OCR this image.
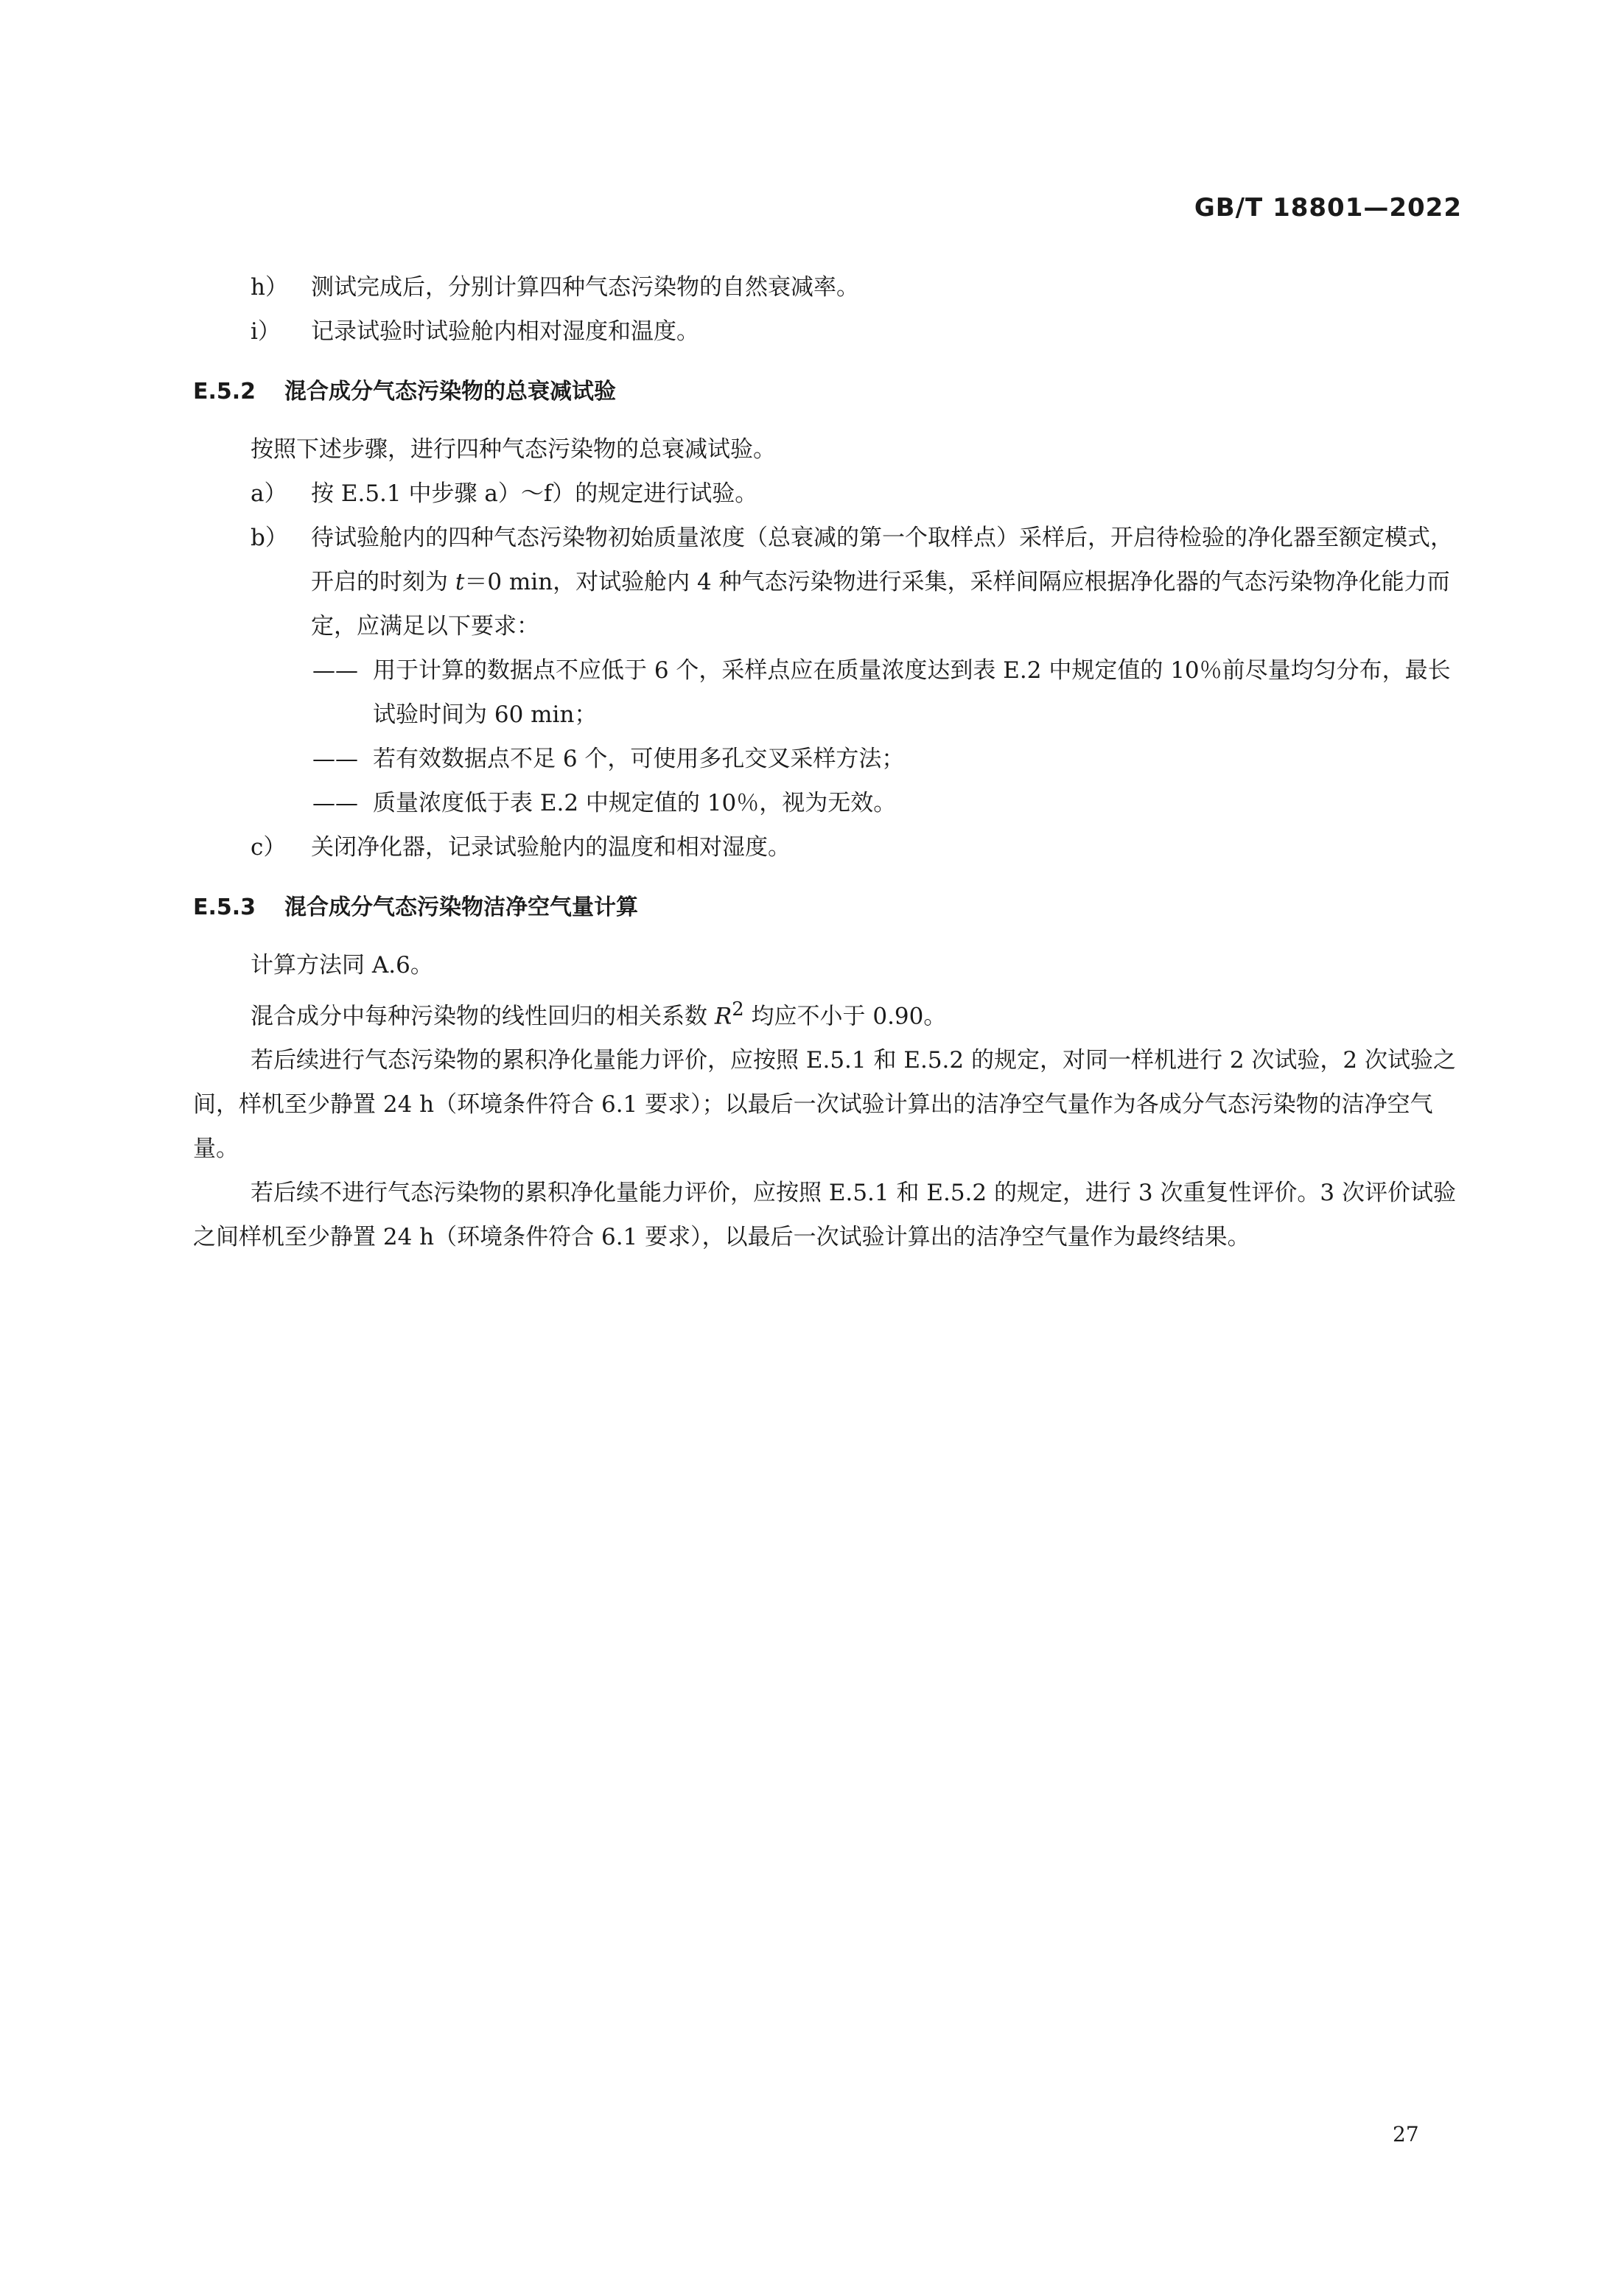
GB/T 18801—2022
h）	测试完成后，分别计算四种气态污染物的自然衰减率。
i）	记录试验时试验舱内相对湿度和温度。
E.5.2	混合成分气态污染物的总衰减试验
按照下述步骤，进行四种气态污染物的总衰减试验。
a）	按 E.5.1 中步骤 a）～f）的规定进行试验。
b）	待试验舱内的四种气态污染物初始质量浓度（总衰减的第一个取样点）采样后，开启待检验的净化器至额定模式，开启的时刻为 t＝0 min，对试验舱内 4 种气态污染物进行采集，采样间隔应根据净化器的气态污染物净化能力而定，应满足以下要求：
—— 用于计算的数据点不应低于 6 个，采样点应在质量浓度达到表 E.2 中规定值的 10％前尽量均匀分布，最长试验时间为 60 min；
—— 若有效数据点不足 6 个，可使用多孔交叉采样方法；
—— 质量浓度低于表 E.2 中规定值的 10％，视为无效。
c）	关闭净化器，记录试验舱内的温度和相对湿度。
E.5.3	混合成分气态污染物洁净空气量计算
计算方法同 A.6。
混合成分中每种污染物的线性回归的相关系数 $R^2$ 均应不小于 0.90。
若后续进行气态污染物的累积净化量能力评价，应按照 E.5.1 和 E.5.2 的规定，对同一样机进行 2 次试验，2 次试验之间，样机至少静置 24 h（环境条件符合 6.1 要求）；以最后一次试验计算出的洁净空气量作为各成分气态污染物的洁净空气量。
若后续不进行气态污染物的累积净化量能力评价，应按照 E.5.1 和 E.5.2 的规定，进行 3 次重复性评价。3 次评价试验之间样机至少静置 24 h（环境条件符合 6.1 要求），以最后一次试验计算出的洁净空气量作为最终结果。
27
